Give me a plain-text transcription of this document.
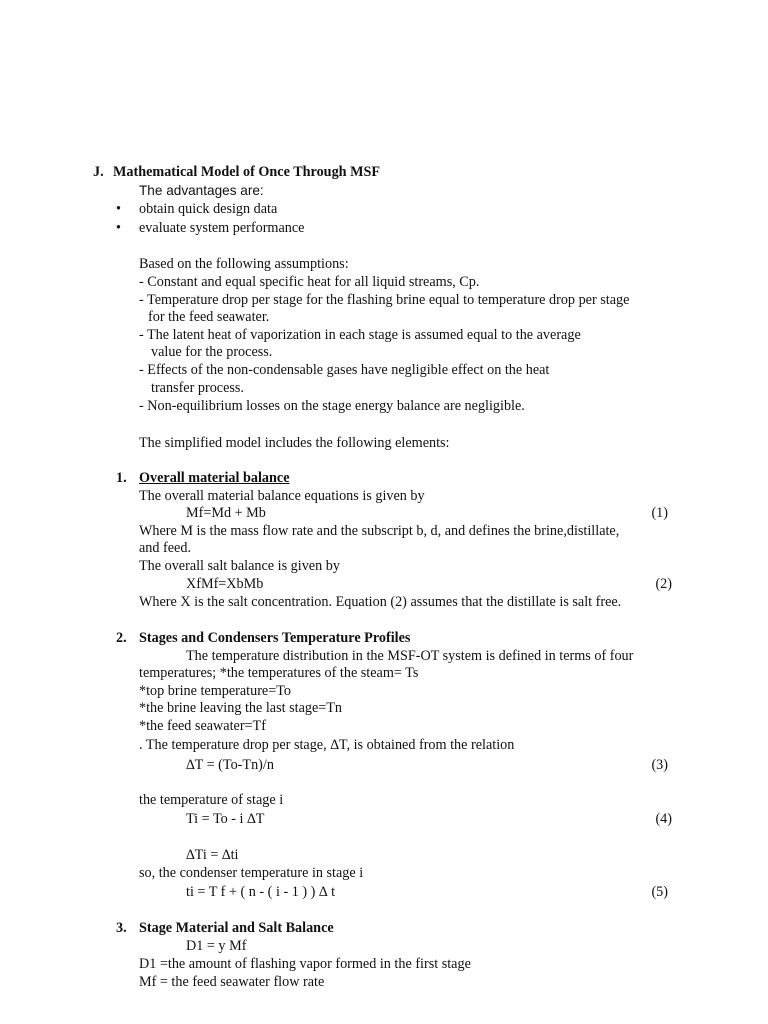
J. Mathematical Model of Once Through MSF
The advantages are:
• obtain quick design data
• evaluate system performance
Based on the following assumptions:
- Constant and equal specific heat for all liquid streams, Cp.
- Temperature drop per stage for the flashing brine equal to temperature drop per stage
for the feed seawater.
- The latent heat of vaporization in each stage is assumed equal to the average
value for the process.
- Effects of the non-condensable gases have negligible effect on the heat
transfer process.
- Non-equilibrium losses on the stage energy balance are negligible.
The simplified model includes the following elements:
1. Overall material balance
The overall material balance equations is given by
Mf=Md + Mb	(1)
Where M is the mass flow rate and the subscript b, d, and defines the brine,distillate,
and feed.
The overall salt balance is given by
XfMf=XbMb	(2)
Where X is the salt concentration. Equation (2) assumes that the distillate is salt free.
2. Stages and Condensers Temperature Profiles
The temperature distribution in the MSF-OT system is defined in terms of four
temperatures; *the temperatures of the steam= Ts
*top brine temperature=To
*the brine leaving the last stage=Tn
*the feed seawater=Tf
. The temperature drop per stage, ∆T, is obtained from the relation
∆T = (To-Tn)/n	(3)
the temperature of stage i
Ti = To - i ∆T	(4)
∆Ti = ∆ti
so, the condenser temperature in stage i
ti = T f + ( n - ( i - 1 ) ) ∆ t	(5)
3. Stage Material and Salt Balance
D1 = y Mf
D1 =the amount of flashing vapor formed in the first stage
Mf = the feed seawater flow rate
